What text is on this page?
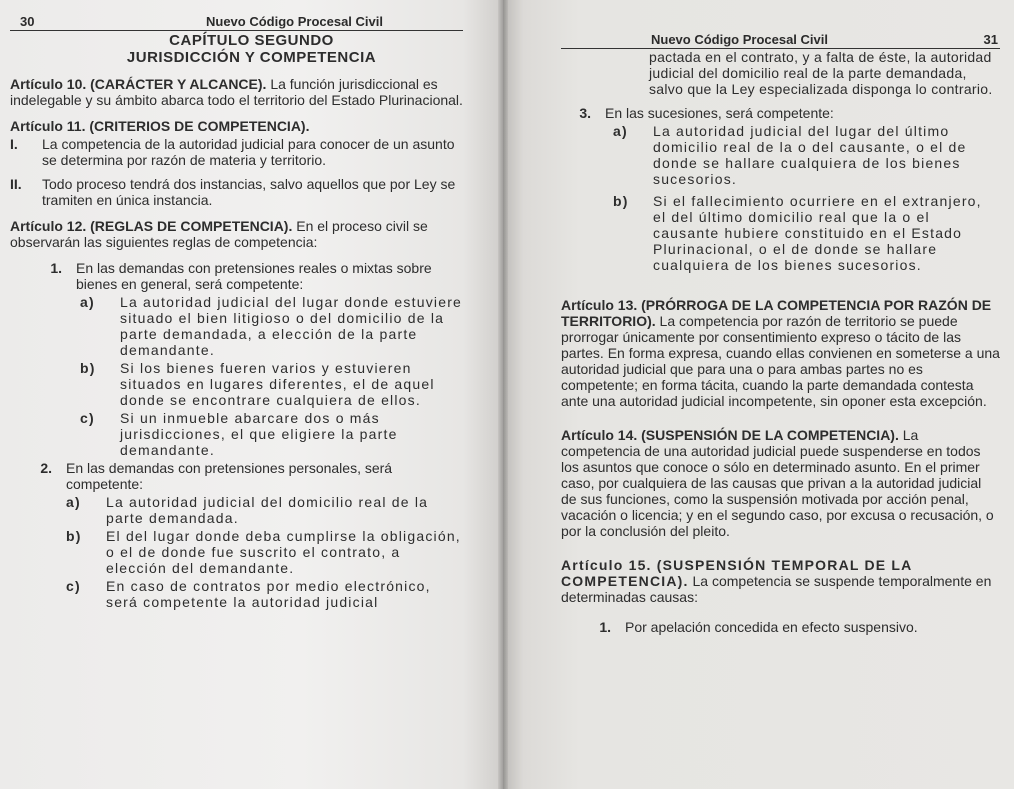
30	Nuevo Código Procesal Civil
CAPÍTULO SEGUNDO
JURISDICCIÓN Y COMPETENCIA

Artículo 10. (CARÁCTER Y ALCANCE). La función jurisdiccional es indelegable y su ámbito abarca todo el territorio del Estado Plurinacional.

Artículo 11. (CRITERIOS DE COMPETENCIA).

I.	La competencia de la autoridad judicial para conocer de un asunto se determina por razón de materia y territorio.
II.	Todo proceso tendrá dos instancias, salvo aquellos que por Ley se tramiten en única instancia.

Artículo 12. (REGLAS DE COMPETENCIA). En el proceso civil se observarán las siguientes reglas de competencia:

1.	En las demandas con pretensiones reales o mixtas sobre bienes en general, será competente:
a)	La autoridad judicial del lugar donde estuviere situado el bien litigioso o del domicilio de la parte demandada, a elección de la parte demandante.
b)	Si los bienes fueren varios y estuvieren situados en lugares diferentes, el de aquel donde se encontrare cualquiera de ellos.
c)	Si un inmueble abarcare dos o más jurisdicciones, el que eligiere la parte demandante.
2.	En las demandas con pretensiones personales, será competente:
a)	La autoridad judicial del domicilio real de la parte demandada.
b)	El del lugar donde deba cumplirse la obligación, o el de donde fue suscrito el contrato, a elección del demandante.
c)	En caso de contratos por medio electrónico, será competente la autoridad judicial
Nuevo Código Procesal Civil	31
pactada en el contrato, y a falta de éste, la autoridad judicial del domicilio real de la parte demandada, salvo que la Ley especializada disponga lo contrario.
3.	En las sucesiones, será competente:
a)	La autoridad judicial del lugar del último domicilio real de la o del causante, o el de donde se hallare cualquiera de los bienes sucesorios.
b)	Si el fallecimiento ocurriere en el extranjero, el del último domicilio real que la o el causante hubiere constituido en el Estado Plurinacional, o el de donde se hallare cualquiera de los bienes sucesorios.

Artículo 13. (PRÓRROGA DE LA COMPETENCIA POR RAZÓN DE TERRITORIO). La competencia por razón de territorio se puede prorrogar únicamente por consentimiento expreso o tácito de las partes. En forma expresa, cuando ellas convienen en someterse a una autoridad judicial que para una o para ambas partes no es competente; en forma tácita, cuando la parte demandada contesta ante una autoridad judicial incompetente, sin oponer esta excepción.

Artículo 14. (SUSPENSIÓN DE LA COMPETENCIA). La competencia de una autoridad judicial puede suspenderse en todos los asuntos que conoce o sólo en determinado asunto. En el primer caso, por cualquiera de las causas que privan a la autoridad judicial de sus funciones, como la suspensión motivada por acción penal, vacación o licencia; y en el segundo caso, por excusa o recusación, o por la conclusión del pleito.

Artículo 15. (SUSPENSIÓN TEMPORAL DE LA COMPETENCIA). La competencia se suspende temporalmente en determinadas causas:

1.	Por apelación concedida en efecto suspensivo.
